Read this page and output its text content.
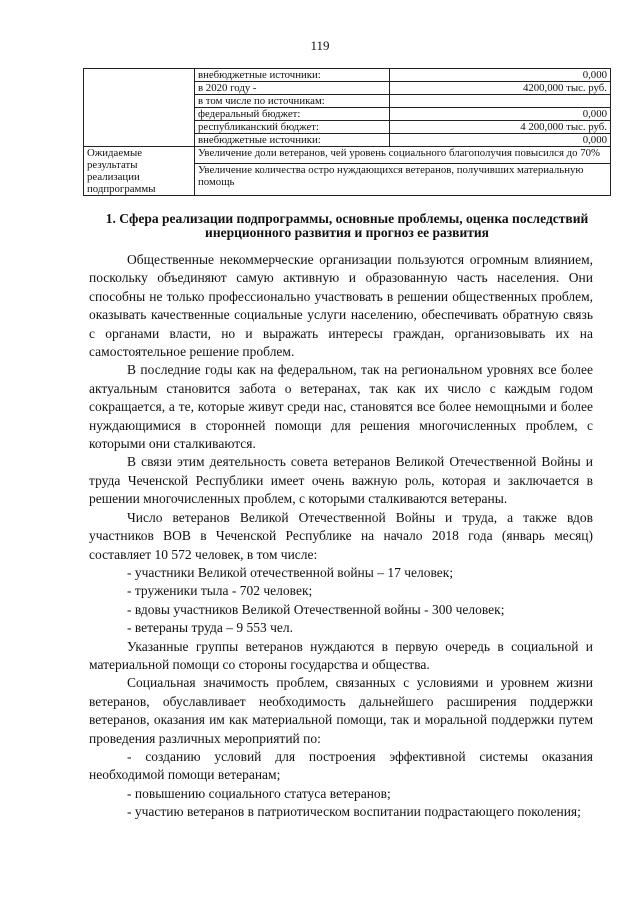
119
	внебюджетные источники:	0,000
	в 2020 году -	4200,000 тыс. руб.
	в том числе по источникам:	
	федеральный бюджет:	0,000
	республиканский бюджет:	4 200,000 тыс. руб.
	внебюджетные источники:	0,000
Ожидаемые результаты реализации подпрограммы	Увеличение доли ветеранов, чей уровень социального благополучия повысился до 70%	
	Увеличение количества остро нуждающихся ветеранов, получивших материальную помощь	
1. Сфера реализации подпрограммы, основные проблемы, оценка последствий инерционного развития и прогноз ее развития

Общественные некоммерческие организации пользуются огромным влиянием, поскольку объединяют самую активную и образованную часть населения. Они способны не только профессионально участвовать в решении общественных проблем, оказывать качественные социальные услуги населению, обеспечивать обратную связь с органами власти, но и выражать интересы граждан, организовывать их на самостоятельное решение проблем.

В последние годы как на федеральном, так на региональном уровнях все более актуальным становится забота о ветеранах, так как их число с каждым годом сокращается, а те, которые живут среди нас, становятся все более немощными и более нуждающимися в сторонней помощи для решения многочисленных проблем, с которыми они сталкиваются.

В связи этим деятельность совета ветеранов Великой Отечественной Войны и труда Чеченской Республики имеет очень важную роль, которая и заключается в решении многочисленных проблем, с которыми сталкиваются ветераны.

Число ветеранов Великой Отечественной Войны и труда, а также вдов участников ВОВ в Чеченской Республике на начало 2018 года (январь месяц) составляет 10 572 человек, в том числе:

- участники Великой отечественной войны – 17 человек;

- труженики тыла - 702 человек;

- вдовы участников Великой Отечественной войны - 300 человек;

- ветераны труда – 9 553 чел.

Указанные группы ветеранов нуждаются в первую очередь в социальной и материальной помощи со стороны государства и общества.

Социальная значимость проблем, связанных с условиями и уровнем жизни ветеранов, обуславливает необходимость дальнейшего расширения поддержки ветеранов, оказания им как материальной помощи, так и моральной поддержки путем проведения различных мероприятий по:

- созданию условий для построения эффективной системы оказания необходимой помощи ветеранам;

- повышению социального статуса ветеранов;

- участию ветеранов в патриотическом воспитании подрастающего поколения;
